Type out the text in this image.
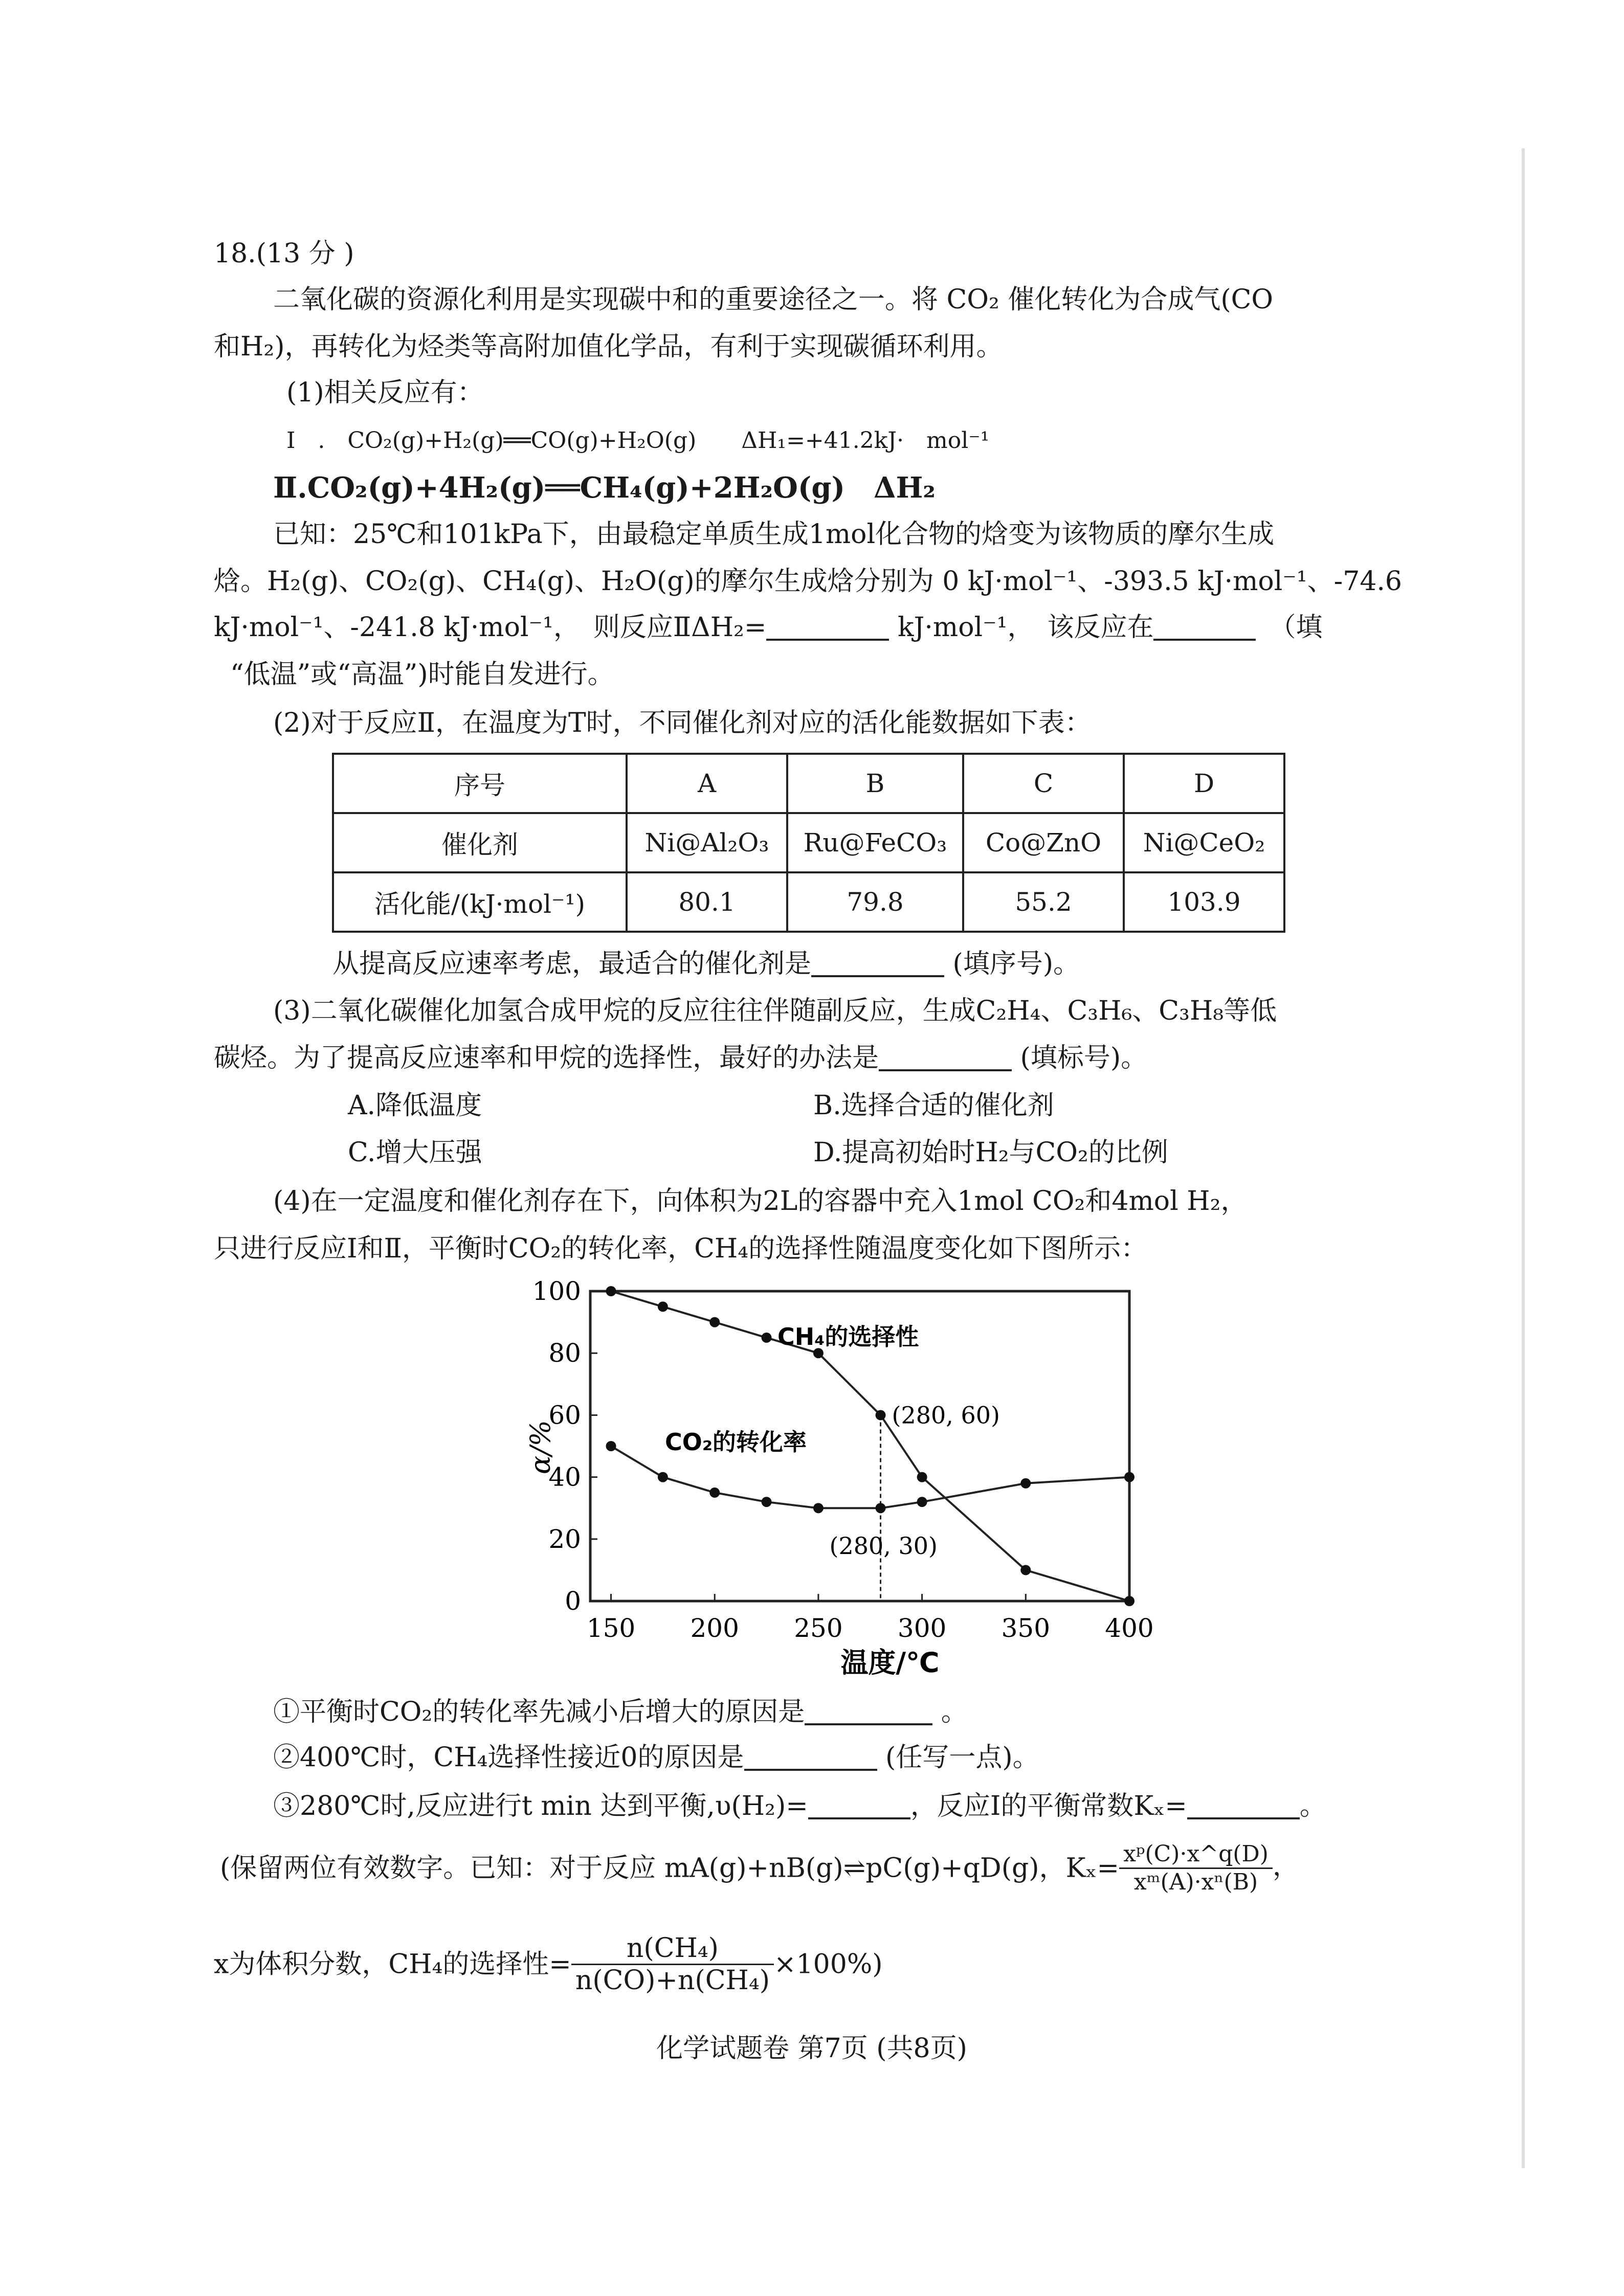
18.(13 分 )
二氧化碳的资源化利用是实现碳中和的重要途径之一。将 CO₂ 催化转化为合成气(CO
和H₂)，再转化为烃类等高附加值化学品，有利于实现碳循环利用。
(1)相关反应有：
Ⅰ　.　CO₂(g)+H₂(g)══CO(g)+H₂O(g)　　ΔH₁=+41.2kJ·　mol⁻¹
Ⅱ.CO₂(g)+4H₂(g)══CH₄(g)+2H₂O(g)　ΔH₂
已知：25℃和101kPa下，由最稳定单质生成1mol化合物的焓变为该物质的摩尔生成
焓。H₂(g)、CO₂(g)、CH₄(g)、H₂O(g)的摩尔生成焓分别为 0 kJ·mol⁻¹、-393.5 kJ·mol⁻¹、-74.6
kJ·mol⁻¹、-241.8 kJ·mol⁻¹，　则反应ⅡΔH₂=	kJ·mol⁻¹，　该反应在　	（填
“低温”或“高温”)时能自发进行。
(2)对于反应Ⅱ，在温度为T时，不同催化剂对应的活化能数据如下表：
序号	A	B	C	D
催化剂	Ni@Al₂O₃	Ru@FeCO₃	Co@ZnO	Ni@CeO₂
活化能/(kJ·mol⁻¹)	80.1	79.8	55.2	103.9
从提高反应速率考虑，最适合的催化剂是	(填序号)。
(3)二氧化碳催化加氢合成甲烷的反应往往伴随副反应，生成C₂H₄、C₃H₆、C₃H₈等低
碳烃。为了提高反应速率和甲烷的选择性，最好的办法是	(填标号)。
A.降低温度	B.选择合适的催化剂
C.增大压强	D.提高初始时H₂与CO₂的比例
(4)在一定温度和催化剂存在下，向体积为2L的容器中充入1mol CO₂和4mol H₂，
只进行反应Ⅰ和Ⅱ，平衡时CO₂的转化率，CH₄的选择性随温度变化如下图所示：
150 200 250 300 350 400
0
20
40
60
80
100
温度/℃
α/%
CH₄的选择性
CO₂的转化率
(280, 60)
(280, 30)
①平衡时CO₂的转化率先减小后增大的原因是	。
②400℃时，CH₄选择性接近0的原因是	(任写一点)。
③280℃时,反应进行t min 达到平衡,υ(H₂)=	，反应Ⅰ的平衡常数Kₓ=	。
(保留两位有效数字。已知：对于反应 mA(g)+nB(g)⇌pC(g)+qD(g)，$K_x= \frac{\text{xᵖ(C)·x\textasciicircum{}q(D)}}{\text{xᵐ(A)·xⁿ(B)}}$ ，
x为体积分数，CH₄的选择性= $\frac{\text{n(CH₄)}}{\text{n(CO)+n(CH₄)}} \times 100\%$)
化学试题卷 第7页 (共8页)
